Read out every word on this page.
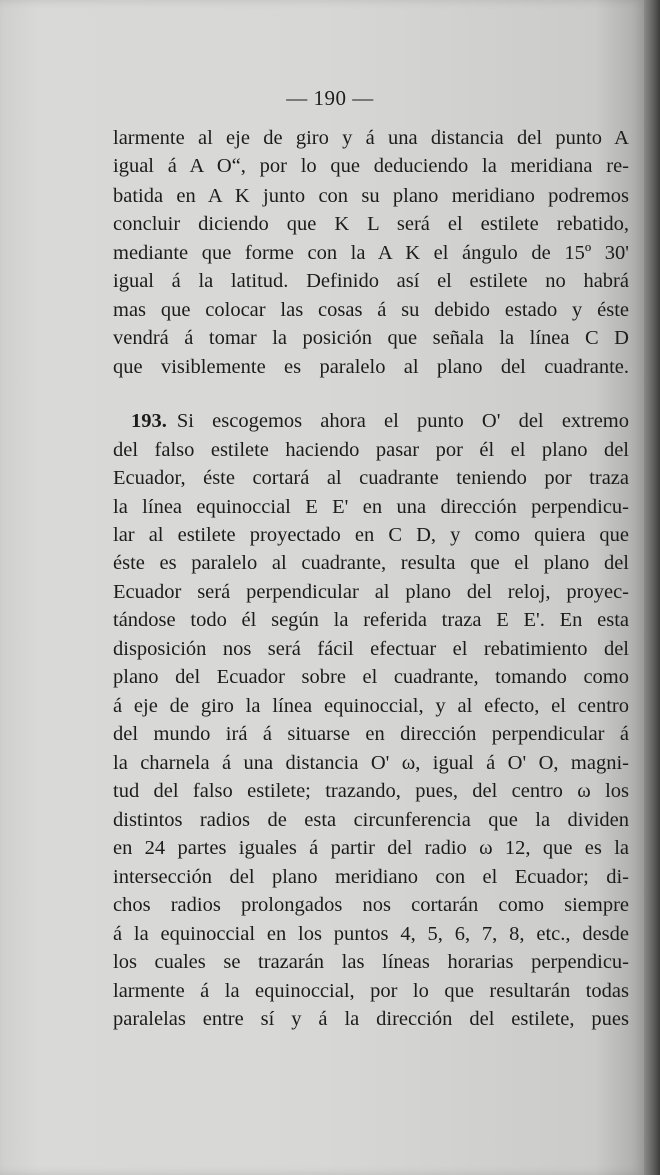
— 190 —
larmente al eje de giro y á una distancia del punto A
igual á A O“, por lo que deduciendo la meridiana re-
batida en A K junto con su plano meridiano podremos
concluir diciendo que K L será el estilete rebatido,
mediante que forme con la A K el ángulo de 15º 30'
igual á la latitud. Definido así el estilete no habrá
mas que colocar las cosas á su debido estado y éste
vendrá á tomar la posición que señala la línea C D
que visiblemente es paralelo al plano del cuadrante.
193. Si escogemos ahora el punto O' del extremo
del falso estilete haciendo pasar por él el plano del
Ecuador, éste cortará al cuadrante teniendo por traza
la línea equinoccial E E' en una dirección perpendicu-
lar al estilete proyectado en C D, y como quiera que
éste es paralelo al cuadrante, resulta que el plano del
Ecuador será perpendicular al plano del reloj, proyec-
tándose todo él según la referida traza E E'. En esta
disposición nos será fácil efectuar el rebatimiento del
plano del Ecuador sobre el cuadrante, tomando como
á eje de giro la línea equinoccial, y al efecto, el centro
del mundo irá á situarse en dirección perpendicular á
la charnela á una distancia O' ω, igual á O' O, magni-
tud del falso estilete; trazando, pues, del centro ω los
distintos radios de esta circunferencia que la dividen
en 24 partes iguales á partir del radio ω 12, que es la
intersección del plano meridiano con el Ecuador; di-
chos radios prolongados nos cortarán como siempre
á la equinoccial en los puntos 4, 5, 6, 7, 8, etc., desde
los cuales se trazarán las líneas horarias perpendicu-
larmente á la equinoccial, por lo que resultarán todas
paralelas entre sí y á la dirección del estilete, pues
